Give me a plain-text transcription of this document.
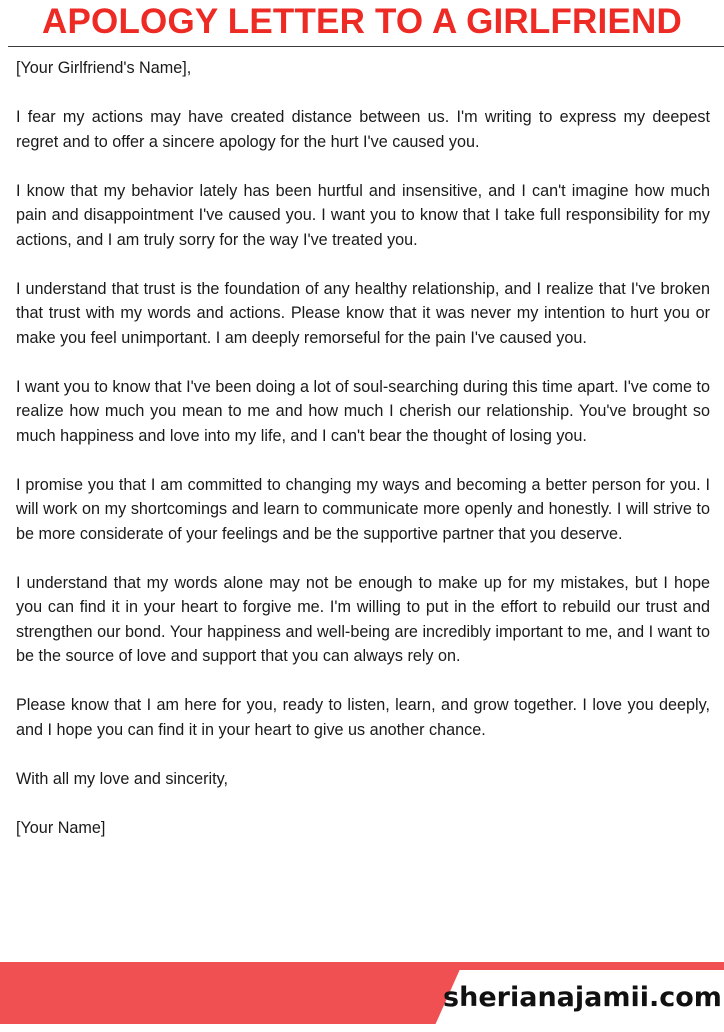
APOLOGY LETTER TO A GIRLFRIEND

[Your Girlfriend's Name],

I fear my actions may have created distance between us. I'm writing to express my deepest regret and to offer a sincere apology for the hurt I've caused you.

I know that my behavior lately has been hurtful and insensitive, and I can't imagine how much pain and disappointment I've caused you. I want you to know that I take full responsibility for my actions, and I am truly sorry for the way I've treated you.

I understand that trust is the foundation of any healthy relationship, and I realize that I've broken that trust with my words and actions. Please know that it was never my intention to hurt you or make you feel unimportant. I am deeply remorseful for the pain I've caused you.

I want you to know that I've been doing a lot of soul-searching during this time apart. I've come to realize how much you mean to me and how much I cherish our relationship. You've brought so much happiness and love into my life, and I can't bear the thought of losing you.

I promise you that I am committed to changing my ways and becoming a better person for you. I will work on my shortcomings and learn to communicate more openly and honestly. I will strive to be more considerate of your feelings and be the supportive partner that you deserve.

I understand that my words alone may not be enough to make up for my mistakes, but I hope you can find it in your heart to forgive me. I'm willing to put in the effort to rebuild our trust and strengthen our bond. Your happiness and well-being are incredibly important to me, and I want to be the source of love and support that you can always rely on.

Please know that I am here for you, ready to listen, learn, and grow together. I love you deeply, and I hope you can find it in your heart to give us another chance.

With all my love and sincerity,

[Your Name]

sherianajamii.com
